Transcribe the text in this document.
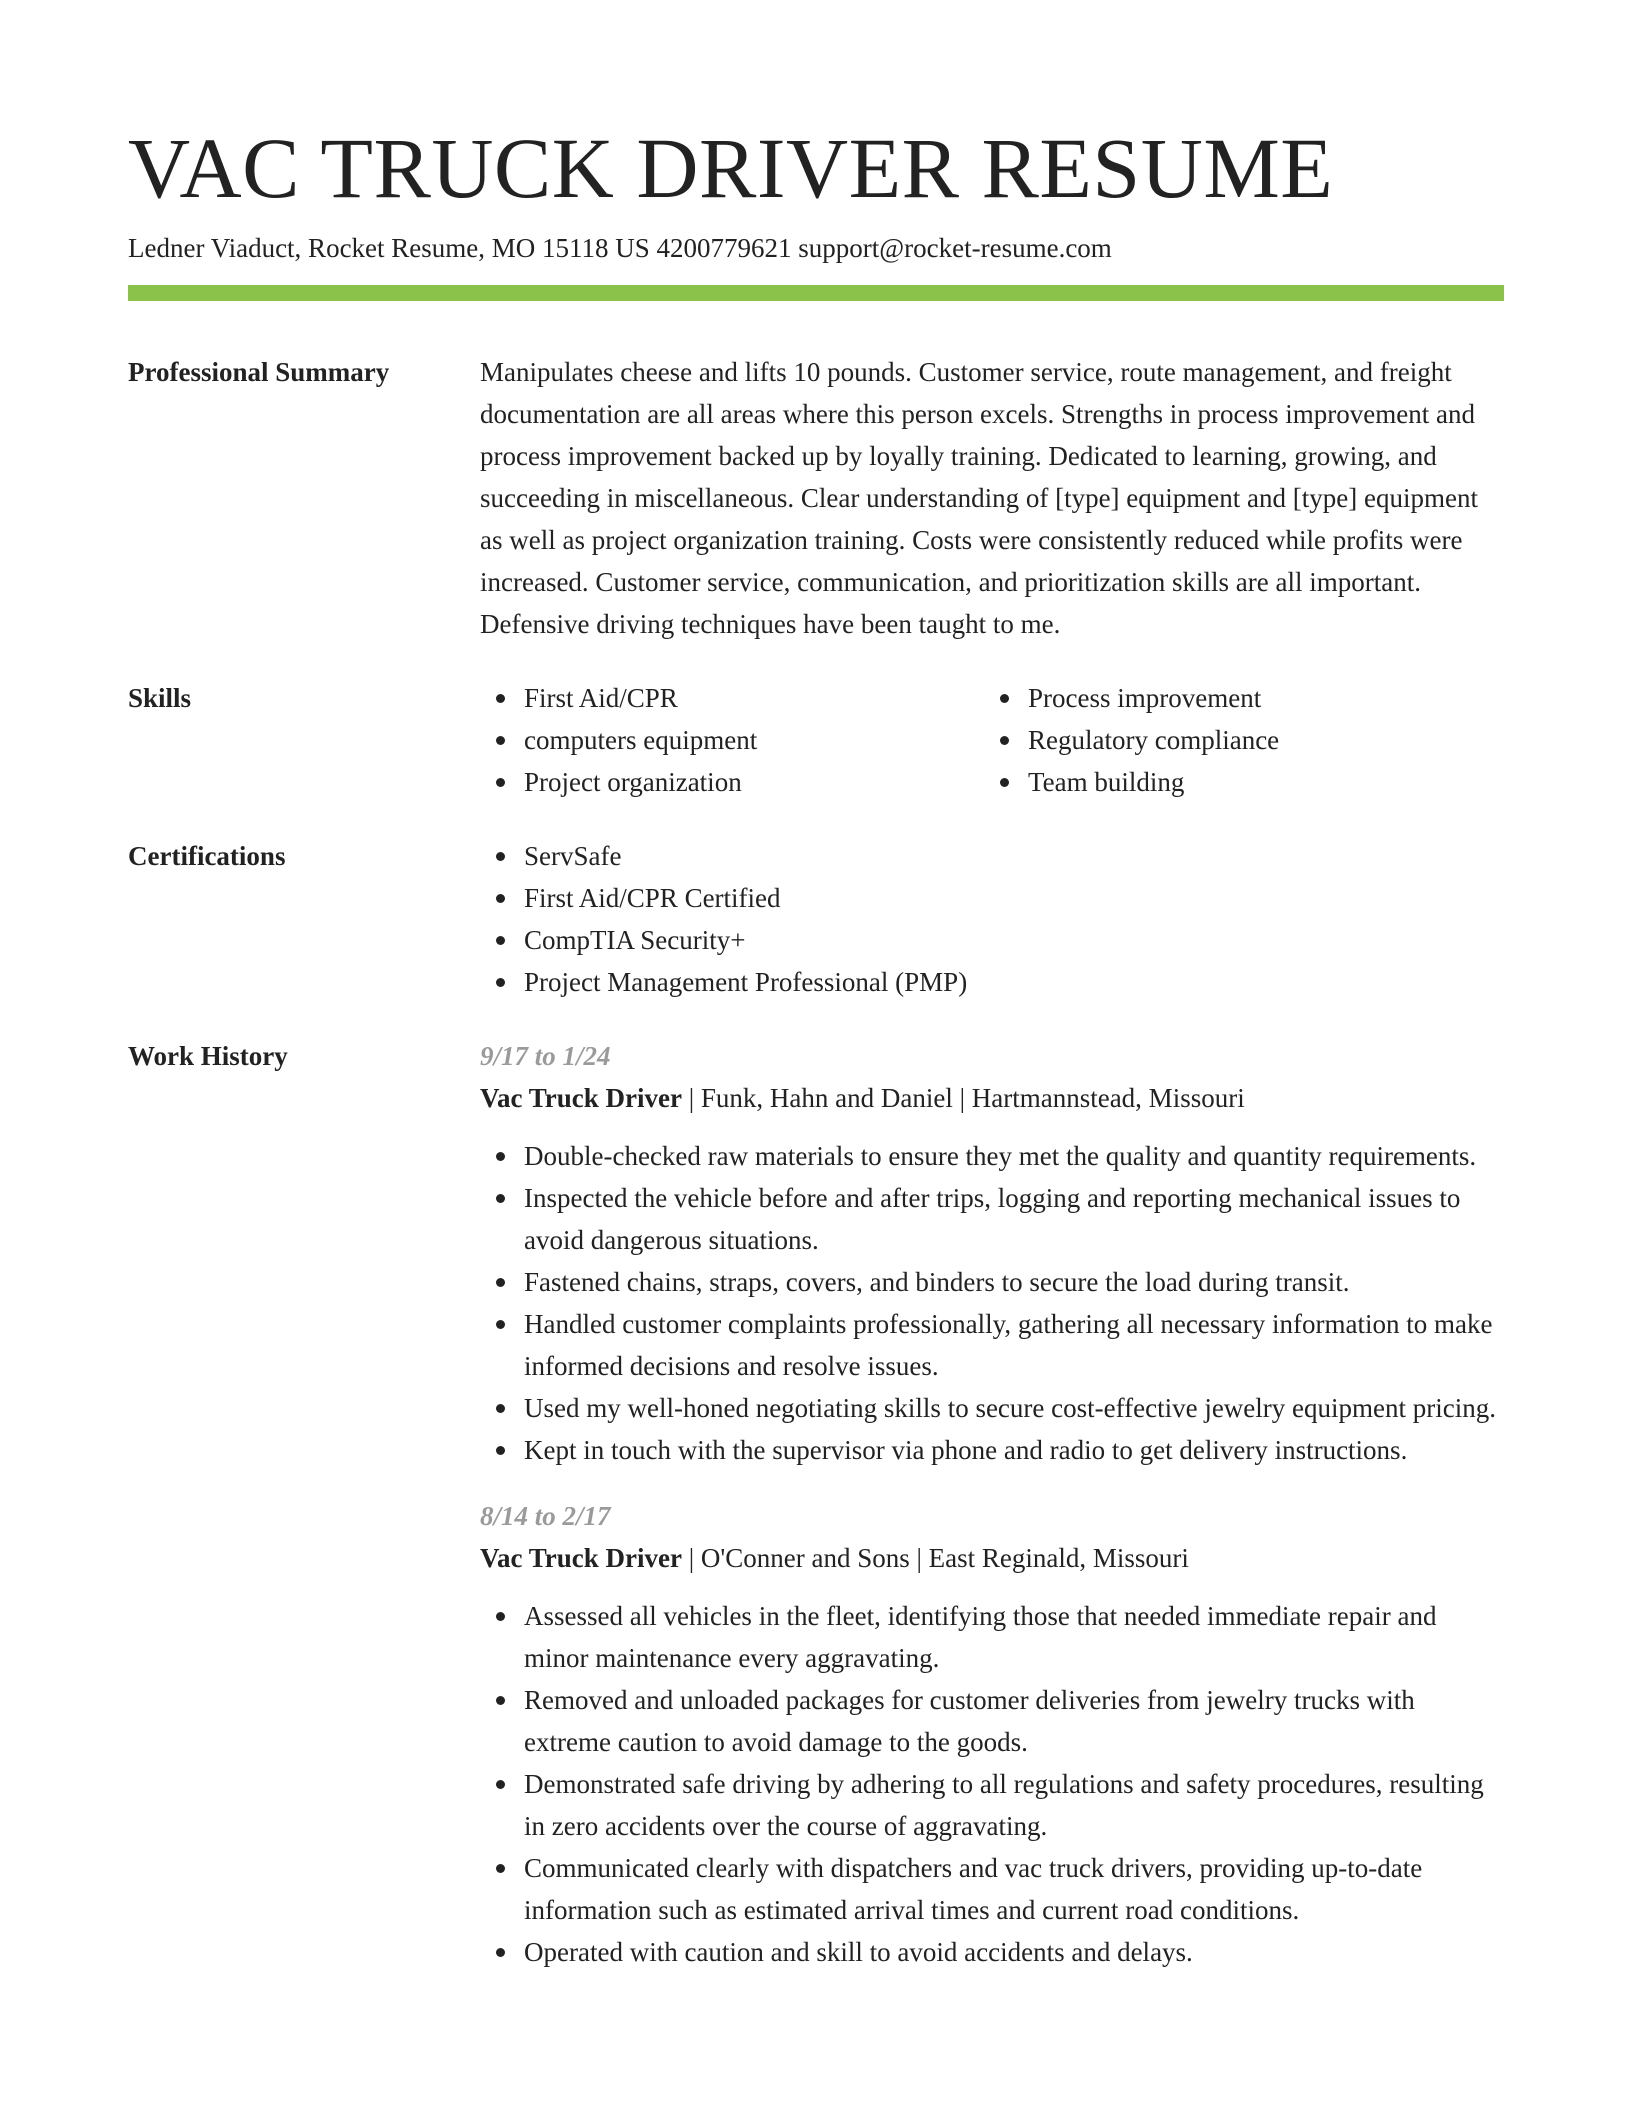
VAC TRUCK DRIVER RESUME
Ledner Viaduct, Rocket Resume, MO 15118 US 4200779621 support@rocket-resume.com
Professional Summary	Manipulates cheese and lifts 10 pounds. Customer service, route management, and freight documentation are all areas where this person excels. Strengths in process improvement and process improvement backed up by loyally training. Dedicated to learning, growing, and succeeding in miscellaneous. Clear understanding of [type] equipment and [type] equipment as well as project organization training. Costs were consistently reduced while profits were increased. Customer service, communication, and prioritization skills are all important. Defensive driving techniques have been taught to me.

Skills	First Aid/CPR
computers equipment
Project organization
Process improvement
Regulatory compliance
Team building
Certifications	ServSafe
First Aid/CPR Certified
CompTIA Security+
Project Management Professional (PMP)
Work History	9/17 to 1/24
Vac Truck Driver | Funk, Hahn and Daniel | Hartmannstead, Missouri
Double-checked raw materials to ensure they met the quality and quantity requirements.
Inspected the vehicle before and after trips, logging and reporting mechanical issues to avoid dangerous situations.
Fastened chains, straps, covers, and binders to secure the load during transit.
Handled customer complaints professionally, gathering all necessary information to make informed decisions and resolve issues.
Used my well-honed negotiating skills to secure cost-effective jewelry equipment pricing.
Kept in touch with the supervisor via phone and radio to get delivery instructions.
8/14 to 2/17
Vac Truck Driver | O'Conner and Sons | East Reginald, Missouri
Assessed all vehicles in the fleet, identifying those that needed immediate repair and minor maintenance every aggravating.
Removed and unloaded packages for customer deliveries from jewelry trucks with extreme caution to avoid damage to the goods.
Demonstrated safe driving by adhering to all regulations and safety procedures, resulting in zero accidents over the course of aggravating.
Communicated clearly with dispatchers and vac truck drivers, providing up-to-date information such as estimated arrival times and current road conditions.
Operated with caution and skill to avoid accidents and delays.
